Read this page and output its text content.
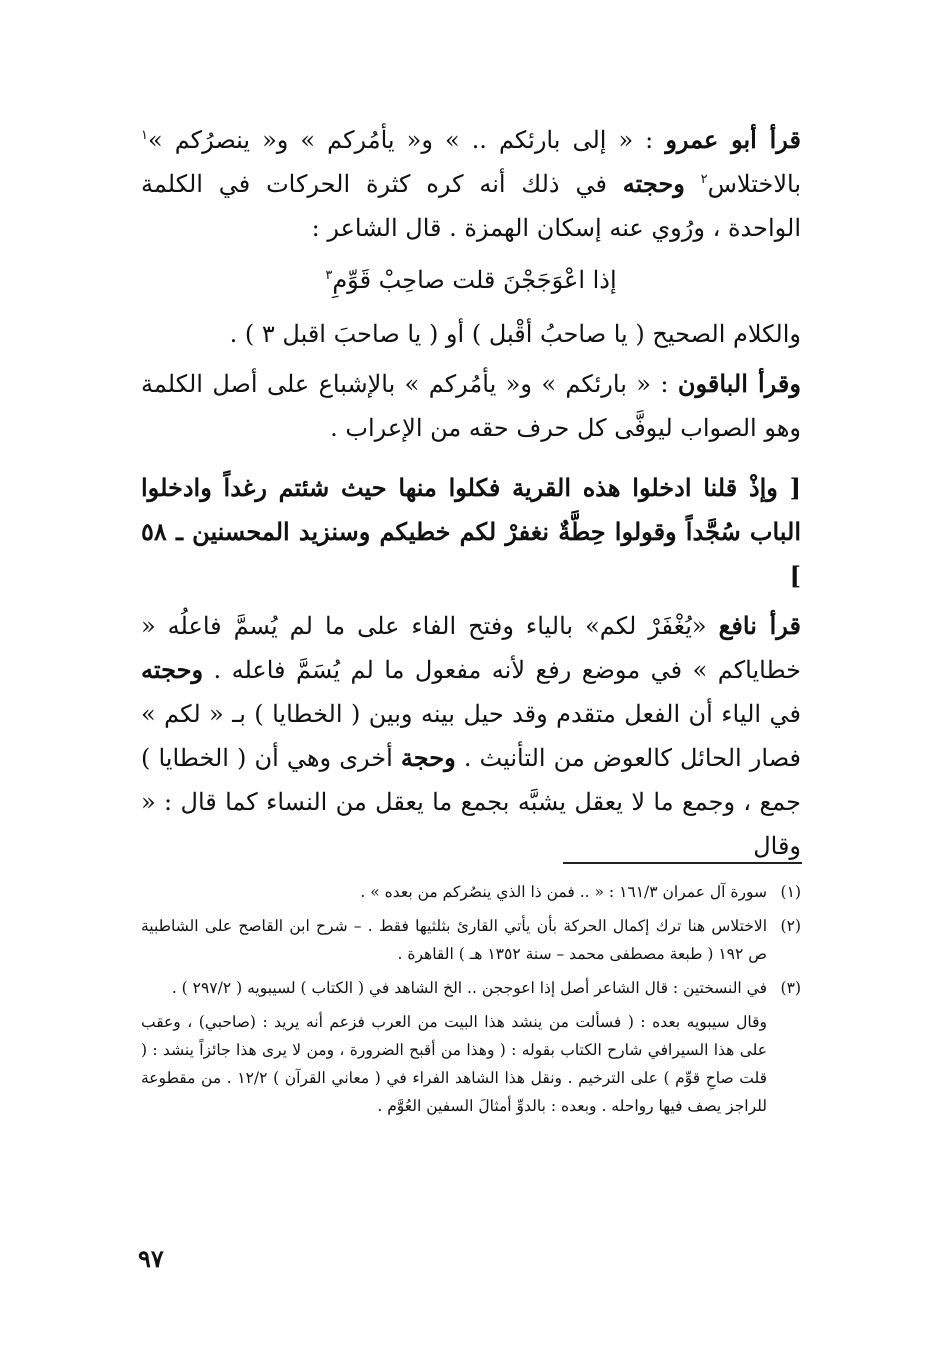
قرأ أبو عمرو : « إلى بارئكم .. » و« يأمُركم » و« ينصرُكم »$^١$ بالاختلاس$^٢$ وحجته في ذلك أنه كره كثرة الحركات في الكلمة الواحدة ، ورُوي عنه إسكان الهمزة . قال الشاعر :

إذا اعْوَجَجْنَ قلت صاحِبْ قَوِّمِ$^٣$

والكلام الصحيح ( يا صاحبُ أقْبل ) أو ( يا صاحبَ اقبل ٣ ) .

وقرأ الباقون : « بارئكم » و« يأمُركم » بالإشباع على أصل الكلمة وهو الصواب ليوفَّى كل حرف حقه من الإعراب .

[ وإذْ قلنا ادخلوا هذه القرية فكلوا منها حيث شئتم رغداً وادخلوا الباب سُجَّداً وقولوا حِطَّةٌ نغفرْ لكم خطيكم وسنزيد المحسنين ـ ٥٨ ]

قرأ نافع «يُغْفَرْ لكم» بالياء وفتح الفاء على ما لم يُسمَّ فاعلُه « خطاياكم » في موضع رفع لأنه مفعول ما لم يُسَمَّ فاعله . وحجته في الياء أن الفعل متقدم وقد حيل بينه وبين ( الخطايا ) بـ « لكم » فصار الحائل كالعوض من التأنيث . وحجة أخرى وهي أن ( الخطايا ) جمع ، وجمع ما لا يعقل يشبَّه بجمع ما يعقل من النساء كما قال : « وقال

(١)
سورة آل عمران ١٦١/٣ : « .. فمن ذا الذي ينصُركم من بعده » .
(٢)
الاختلاس هنا ترك إكمال الحركة بأن يأتي القارئ بثلثيها فقط . – شرح ابن القاصح على الشاطبية ص ١٩٢ ( طبعة مصطفى محمد – سنة ١٣٥٢ هـ ) القاهرة .
(٣)
في النسختين : قال الشاعر أصل إذا اعوججن .. الخ الشاهد في ( الكتاب ) لسيبويه ( ٢٩٧/٢ ) .

وقال سيبويه بعده : ( فسألت من ينشد هذا البيت من العرب فزعم أنه يريد : (صاحبي) ، وعقب على هذا السيرافي شارح الكتاب بقوله : ( وهذا من أقبح الضرورة ، ومن لا يرى هذا جائزاً ينشد : ( قلت صاحِ قوِّم ) على الترخيم . ونقل هذا الشاهد الفراء في ( معاني القرآن ) ١٢/٢ . من مقطوعة للراجز يصف فيها رواحله . وبعده : بالدوِّ أمثالَ السفين العُوَّم .

٩٧
